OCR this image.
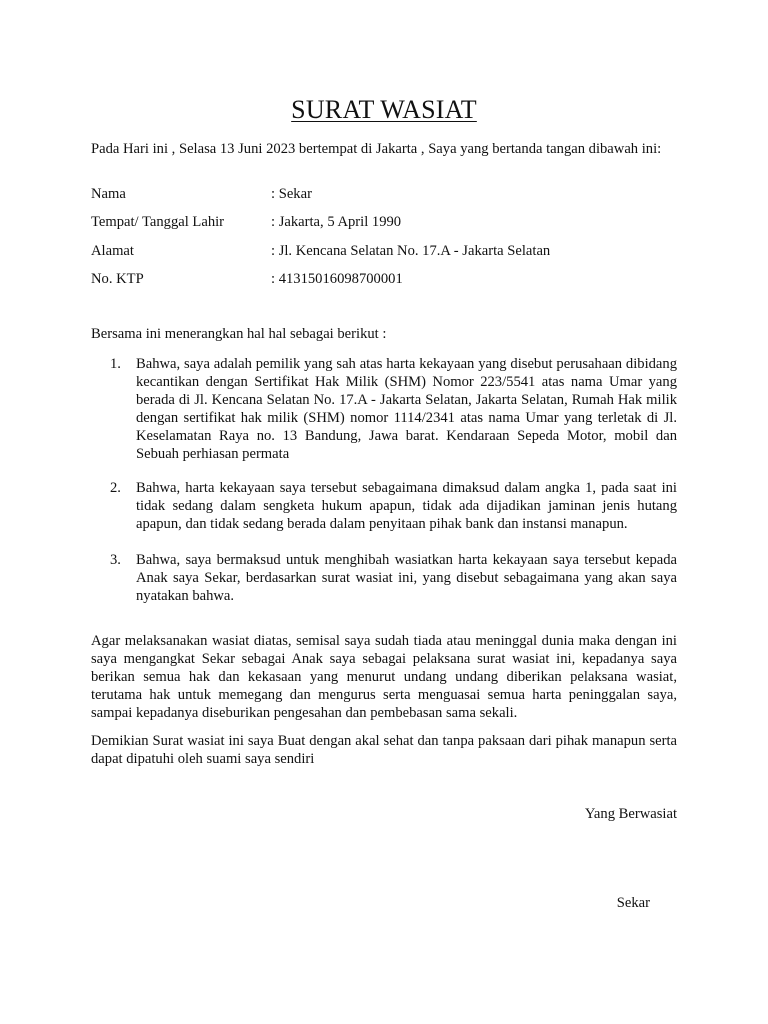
SURAT WASIAT
Pada Hari ini , Selasa 13 Juni 2023 bertempat di Jakarta , Saya yang bertanda tangan dibawah ini:
Nama	: Sekar
Tempat/ Tanggal Lahir	: Jakarta, 5 April 1990
Alamat	: Jl. Kencana Selatan No. 17.A - Jakarta Selatan
No. KTP	: 41315016098700001
Bersama ini menerangkan hal hal sebagai berikut :
1.	Bahwa, saya adalah pemilik yang sah atas harta kekayaan yang disebut perusahaan dibidang kecantikan dengan Sertifikat Hak Milik (SHM) Nomor 223/5541 atas nama Umar yang berada di Jl. Kencana Selatan No. 17.A - Jakarta Selatan, Jakarta Selatan, Rumah Hak milik dengan sertifikat hak milik (SHM) nomor 1114/2341 atas nama Umar yang terletak di Jl. Keselamatan Raya no. 13 Bandung, Jawa barat. Kendaraan Sepeda Motor, mobil dan Sebuah perhiasan permata
2.	Bahwa, harta kekayaan saya tersebut sebagaimana dimaksud dalam angka 1, pada saat ini tidak sedang dalam sengketa hukum apapun, tidak ada dijadikan jaminan jenis hutang apapun, dan tidak sedang berada dalam penyitaan pihak bank dan instansi manapun.
3.	Bahwa, saya bermaksud untuk menghibah wasiatkan harta kekayaan saya tersebut kepada Anak saya Sekar, berdasarkan surat wasiat ini, yang disebut sebagaimana yang akan saya nyatakan bahwa.
Agar melaksanakan wasiat diatas, semisal saya sudah tiada atau meninggal dunia maka dengan ini saya mengangkat Sekar sebagai Anak saya sebagai pelaksana surat wasiat ini, kepadanya saya berikan semua hak dan kekasaan yang menurut undang undang diberikan pelaksana wasiat, terutama hak untuk memegang dan mengurus serta menguasai semua harta peninggalan saya, sampai kepadanya diseburikan pengesahan dan pembebasan sama sekali.
Demikian Surat wasiat ini saya Buat dengan akal sehat dan tanpa paksaan dari pihak manapun serta dapat dipatuhi oleh suami saya sendiri
Yang Berwasiat
Sekar
